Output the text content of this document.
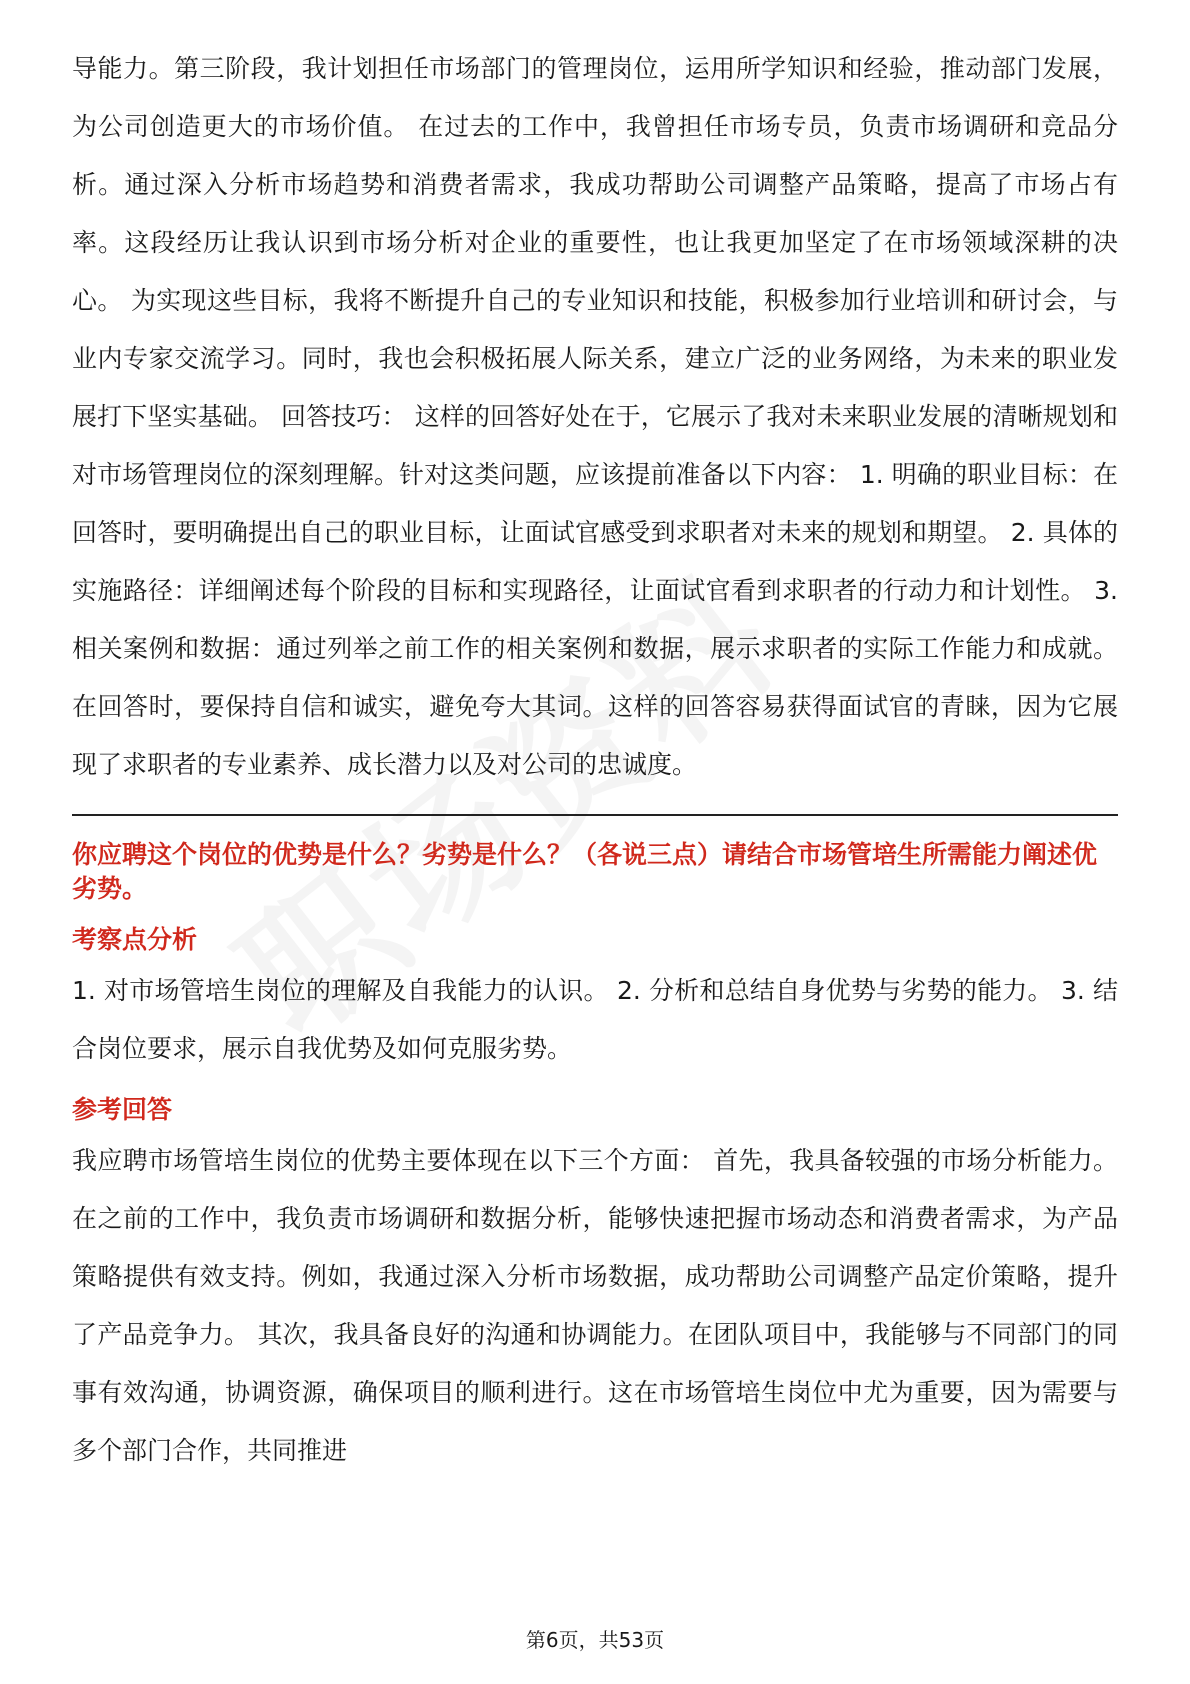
导能力。第三阶段，我计划担任市场部门的管理岗位，运用所学知识和经验，推动部门发展，为公司创造更大的市场价值。 在过去的工作中，我曾担任市场专员，负责市场调研和竞品分析。通过深入分析市场趋势和消费者需求，我成功帮助公司调整产品策略，提高了市场占有率。这段经历让我认识到市场分析对企业的重要性，也让我更加坚定了在市场领域深耕的决心。 为实现这些目标，我将不断提升自己的专业知识和技能，积极参加行业培训和研讨会，与业内专家交流学习。同时，我也会积极拓展人际关系，建立广泛的业务网络，为未来的职业发展打下坚实基础。 回答技巧： 这样的回答好处在于，它展示了我对未来职业发展的清晰规划和对市场管理岗位的深刻理解。针对这类问题，应该提前准备以下内容： 1. 明确的职业目标：在回答时，要明确提出自己的职业目标，让面试官感受到求职者对未来的规划和期望。 2. 具体的实施路径：详细阐述每个阶段的目标和实现路径，让面试官看到求职者的行动力和计划性。 3. 相关案例和数据：通过列举之前工作的相关案例和数据，展示求职者的实际工作能力和成就。 在回答时，要保持自信和诚实，避免夸大其词。这样的回答容易获得面试官的青睐，因为它展现了求职者的专业素养、成长潜力以及对公司的忠诚度。

你应聘这个岗位的优势是什么？劣势是什么？（各说三点）请结合市场管培生所需能力阐述优劣势。
考察点分析

1. 对市场管培生岗位的理解及自我能力的认识。 2. 分析和总结自身优势与劣势的能力。 3. 结合岗位要求，展示自我优势及如何克服劣势。

参考回答

我应聘市场管培生岗位的优势主要体现在以下三个方面： 首先，我具备较强的市场分析能力。在之前的工作中，我负责市场调研和数据分析，能够快速把握市场动态和消费者需求，为产品策略提供有效支持。例如，我通过深入分析市场数据，成功帮助公司调整产品定价策略，提升了产品竞争力。 其次，我具备良好的沟通和协调能力。在团队项目中，我能够与不同部门的同事有效沟通，协调资源，确保项目的顺利进行。这在市场管培生岗位中尤为重要，因为需要与多个部门合作，共同推进

第6页，共53页
